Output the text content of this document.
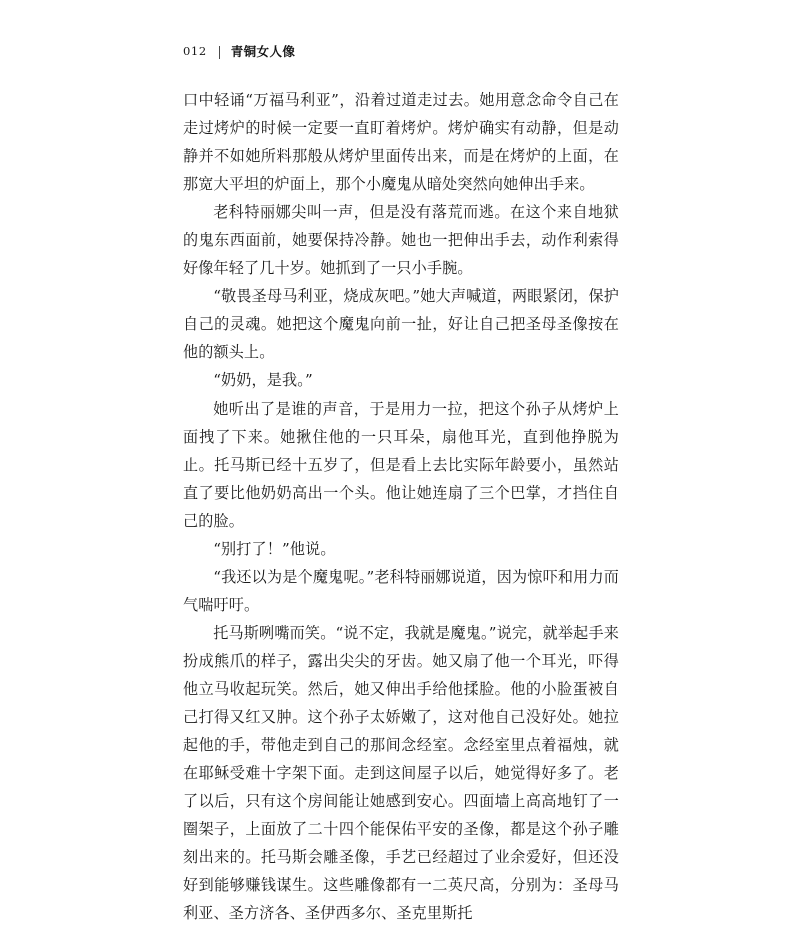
012 青铜女人像

口中轻诵“万福马利亚”，沿着过道走过去。她用意念命令自己在走过烤炉的时候一定要一直盯着烤炉。烤炉确实有动静，但是动静并不如她所料那般从烤炉里面传出来，而是在烤炉的上面，在那宽大平坦的炉面上，那个小魔鬼从暗处突然向她伸出手来。

老科特丽娜尖叫一声，但是没有落荒而逃。在这个来自地狱的鬼东西面前，她要保持冷静。她也一把伸出手去，动作利索得好像年轻了几十岁。她抓到了一只小手腕。

“敬畏圣母马利亚，烧成灰吧。”她大声喊道，两眼紧闭，保护自己的灵魂。她把这个魔鬼向前一扯，好让自己把圣母圣像按在他的额头上。

“奶奶，是我。”

她听出了是谁的声音，于是用力一拉，把这个孙子从烤炉上面拽了下来。她揪住他的一只耳朵，扇他耳光，直到他挣脱为止。托马斯已经十五岁了，但是看上去比实际年龄要小，虽然站直了要比他奶奶高出一个头。他让她连扇了三个巴掌，才挡住自己的脸。

“别打了！”他说。

“我还以为是个魔鬼呢。”老科特丽娜说道，因为惊吓和用力而气喘吁吁。

托马斯咧嘴而笑。“说不定，我就是魔鬼。”说完，就举起手来扮成熊爪的样子，露出尖尖的牙齿。她又扇了他一个耳光，吓得他立马收起玩笑。然后，她又伸出手给他揉脸。他的小脸蛋被自己打得又红又肿。这个孙子太娇嫩了，这对他自己没好处。她拉起他的手，带他走到自己的那间念经室。念经室里点着福烛，就在耶稣受难十字架下面。走到这间屋子以后，她觉得好多了。老了以后，只有这个房间能让她感到安心。四面墙上高高地钉了一圈架子，上面放了二十四个能保佑平安的圣像，都是这个孙子雕刻出来的。托马斯会雕圣像，手艺已经超过了业余爱好，但还没好到能够赚钱谋生。这些雕像都有一二英尺高，分别为：圣母马利亚、圣方济各、圣伊西多尔、圣克里斯托
